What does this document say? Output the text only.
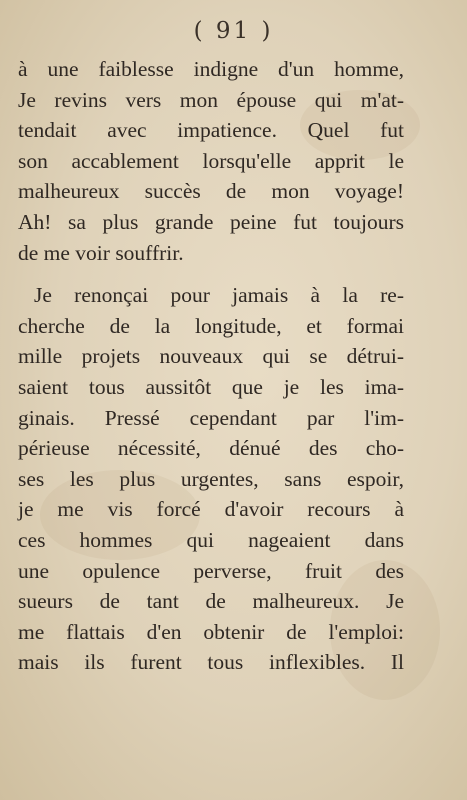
( 91 )
à une faiblesse indigne d'un homme,
Je revins vers mon épouse qui m'at-
tendait avec impatience. Quel fut
son accablement lorsqu'elle apprit le
malheureux succès de mon voyage!
Ah! sa plus grande peine fut toujours
de me voir souffrir.
Je renonçai pour jamais à la re-
cherche de la longitude, et formai
mille projets nouveaux qui se détrui-
saient tous aussitôt que je les ima-
ginais. Pressé cependant par l'im-
périeuse nécessité, dénué des cho-
ses les plus urgentes, sans espoir,
je me vis forcé d'avoir recours à
ces hommes qui nageaient dans
une opulence perverse, fruit des
sueurs de tant de malheureux. Je
me flattais d'en obtenir de l'emploi:
mais ils furent tous inflexibles. Il
